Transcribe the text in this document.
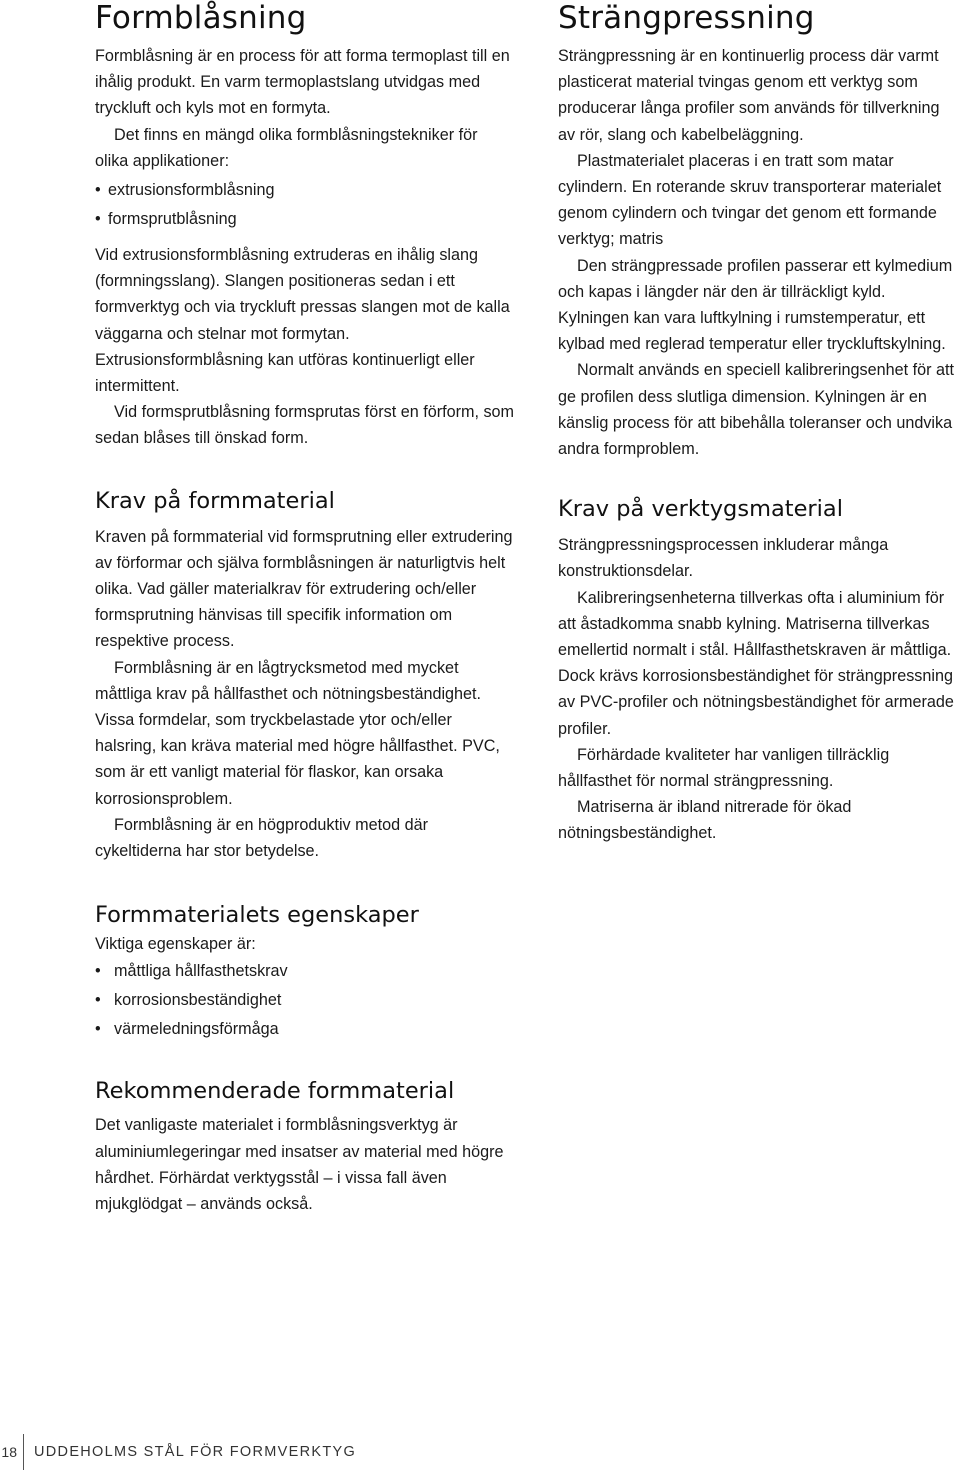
Formblåsning

Formblåsning är en process för att forma termoplast till en ihålig produkt. En varm termoplastslang utvidgas med tryckluft och kyls mot en formyta.

Det finns en mängd olika formblåsningstekniker för olika applikationer:

• extrusionsformblåsning
• formsprutblåsning

Vid extrusionsformblåsning extruderas en ihålig slang (formningsslang). Slangen positioneras sedan i ett formverktyg och via tryckluft pressas slangen mot de kalla väggarna och stelnar mot formytan. Extrusionsformblåsning kan utföras kontinuerligt eller intermittent.

Vid formsprutblåsning formsprutas först en förform, som sedan blåses till önskad form.

Krav på formmaterial

Kraven på formmaterial vid formsprutning eller extrudering av förformar och själva formblåsningen är naturligtvis helt olika. Vad gäller materialkrav för extrudering och/eller formsprutning hänvisas till specifik information om respektive process.

Formblåsning är en lågtrycksmetod med mycket måttliga krav på hållfasthet och nötningsbeständighet. Vissa formdelar, som tryckbelastade ytor och/eller halsring, kan kräva material med högre hållfasthet. PVC, som är ett vanligt material för flaskor, kan orsaka korrosionsproblem.

Formblåsning är en högproduktiv metod där cykeltiderna har stor betydelse.

Formmaterialets egenskaper

Viktiga egenskaper är:

• måttliga hållfasthetskrav
• korrosionsbeständighet
• värmeledningsförmåga
Rekommenderade formmaterial

Det vanligaste materialet i formblåsningsverktyg är aluminiumlegeringar med insatser av material med högre hårdhet. Förhärdat verktygsstål – i vissa fall även mjukglödgat – används också.

Strängpressning

Strängpressning är en kontinuerlig process där varmt plasticerat material tvingas genom ett verktyg som producerar långa profiler som används för tillverkning av rör, slang och kabelbeläggning.

Plastmaterialet placeras i en tratt som matar cylindern. En roterande skruv transporterar materialet genom cylindern och tvingar det genom ett formande verktyg; matris

Den strängpressade profilen passerar ett kylmedium och kapas i längder när den är tillräckligt kyld. Kylningen kan vara luftkylning i rumstemperatur, ett kylbad med reglerad temperatur eller tryckluftskylning.

Normalt används en speciell kalibreringsenhet för att ge profilen dess slutliga dimension. Kylningen är en känslig process för att bibehålla toleranser och undvika andra formproblem.

Krav på verktygsmaterial

Strängpressningsprocessen inkluderar många konstruktionsdelar.

Kalibreringsenheterna tillverkas ofta i aluminium för att åstadkomma snabb kylning. Matriserna tillverkas emellertid normalt i stål. Hållfasthetskraven är måttliga. Dock krävs korrosionsbeständighet för strängpressning av PVC-profiler och nötningsbeständighet för armerade profiler.

Förhärdade kvaliteter har vanligen tillräcklig hållfasthet för normal strängpressning.

Matriserna är ibland nitrerade för ökad nötningsbeständighet.

18 UDDEHOLMS STÅL FÖR FORMVERKTYG
